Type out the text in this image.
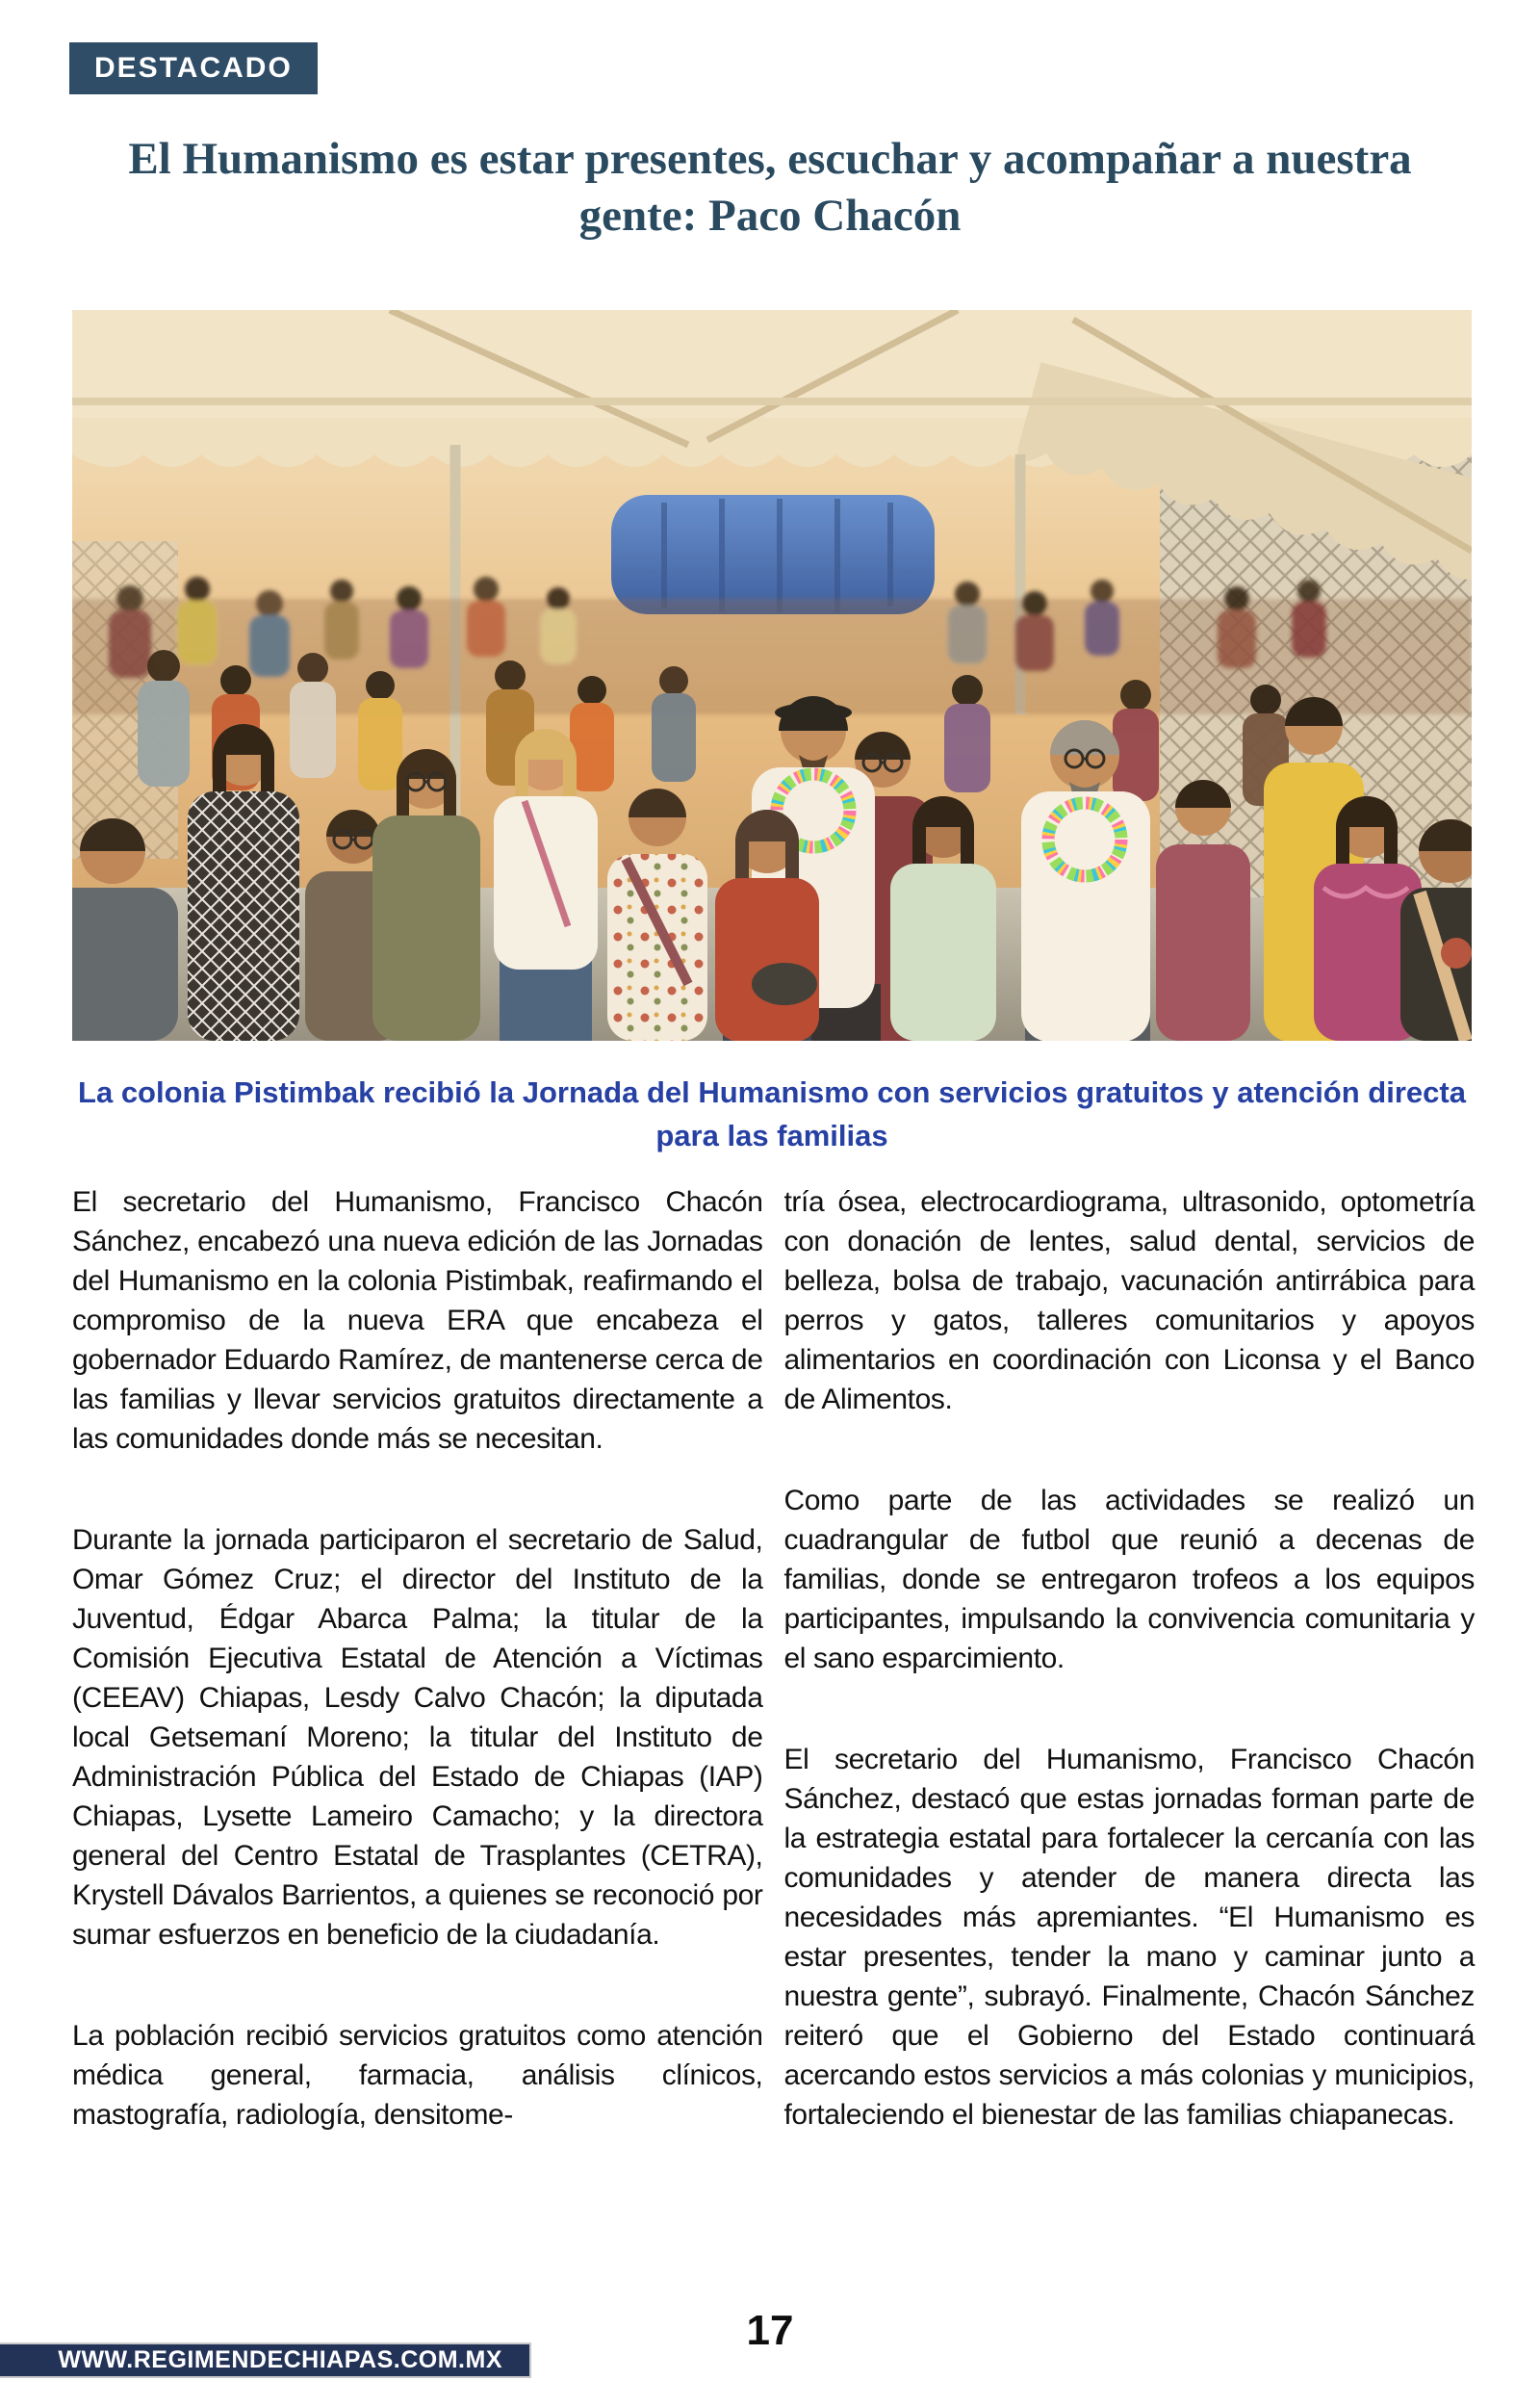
DESTACADO
El Humanismo es estar presentes, escuchar y acompañar a nuestra gente: Paco Chacón

La colonia Pistimbak recibió la Jornada del Humanismo con servicios gratuitos y atención directa para las familias

El secretario del Humanismo, Francisco Chacón Sánchez, encabezó una nueva edición de las Jornadas del Humanismo en la colonia Pistimbak, reafirmando el compromiso de la nueva ERA que encabeza el gobernador Eduardo Ramírez, de mantenerse cerca de las familias y llevar servicios gratuitos directamente a las comunidades donde más se necesitan.

Durante la jornada participaron el secretario de Salud, Omar Gómez Cruz; el director del Instituto de la Juventud, Édgar Abarca Palma; la titular de la Comisión Ejecutiva Estatal de Atención a Víctimas (CEEAV) Chiapas, Lesdy Calvo Chacón; la diputada local Getsemaní Moreno; la titular del Instituto de Administración Pública del Estado de Chiapas (IAP) Chiapas, Lysette Lameiro Camacho; y la directora general del Centro Estatal de Trasplantes (CETRA), Krystell Dávalos Barrientos, a quienes se reconoció por sumar esfuerzos en beneficio de la ciudadanía.

La población recibió servicios gratuitos como atención médica general, farmacia, análisis clínicos, mastografía, radiología, densitome-

tría ósea, electrocardiograma, ultrasonido, optometría con donación de lentes, salud dental, servicios de belleza, bolsa de trabajo, vacunación antirrábica para perros y gatos, talleres comunitarios y apoyos alimentarios en coordinación con Liconsa y el Banco de Alimentos.

Como parte de las actividades se realizó un cuadrangular de futbol que reunió a decenas de familias, donde se entregaron trofeos a los equipos participantes, impulsando la convivencia comunitaria y el sano esparcimiento.

El secretario del Humanismo, Francisco Chacón Sánchez, destacó que estas jornadas forman parte de la estrategia estatal para fortalecer la cercanía con las comunidades y atender de manera directa las necesidades más apremiantes. “El Humanismo es estar presentes, tender la mano y caminar junto a nuestra gente”, subrayó. Finalmente, Chacón Sánchez reiteró que el Gobierno del Estado continuará acercando estos servicios a más colonias y municipios, fortaleciendo el bienestar de las familias chiapanecas.

17
WWW.REGIMENDECHIAPAS.COM.MX
